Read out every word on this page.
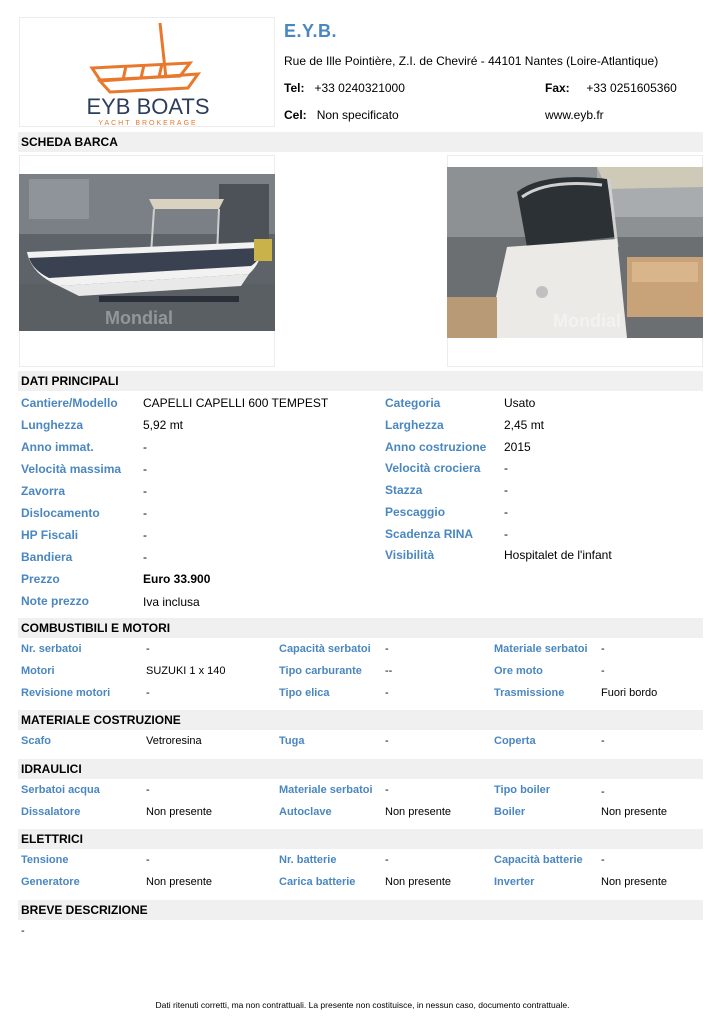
EYB BOATS
YACHT BROKERAGE
E.Y.B.
Rue de Ille Pointière, Z.I. de Cheviré - 44101 Nantes (Loire-Atlantique)
Tel: +33 0240321000	Fax: +33 0251605360
Cel: Non specificato	www.eyb.fr
SCHEDA BARCA
Mondial	Mondial
DATI PRINCIPALI
Cantiere/Modello CAPELLI CAPELLI 600 TEMPEST	Categoria	Usato
Lunghezza	5,92 mt	Larghezza	2,45 mt
Anno immat.	-	Anno costruzione 2015
Velocità massima -	Velocità crociera -
Zavorra	-	Stazza	-
Dislocamento	-	Pescaggio	-
HP Fiscali	-	Scadenza RINA	-
Bandiera	-	Visibilità	Hospitalet de l'infant
Prezzo	Euro 33.900
Note prezzo	Iva inclusa
COMBUSTIBILI E MOTORI
Nr. serbatoi	-	Capacità serbatoi -	Materiale serbatoi -
Motori	SUZUKI 1 x 140	Tipo carburante --	Ore moto	-
Revisione motori	-	Tipo elica	-	Trasmissione	Fuori bordo
MATERIALE COSTRUZIONE
Scafo	Vetroresina	Tuga	-	Coperta	-
IDRAULICI
Serbatoi acqua	-	Materiale serbatoi -	Tipo boiler	-
Dissalatore	Non presente	Autoclave	Non presente	Boiler	Non presente
ELETTRICI
Tensione	-	Nr. batterie	-	Capacità batterie -
Generatore	Non presente	Carica batterie	Non presente	Inverter	Non presente
BREVE DESCRIZIONE
-
Dati ritenuti corretti, ma non contrattuali. La presente non costituisce, in nessun caso, documento contrattuale.
